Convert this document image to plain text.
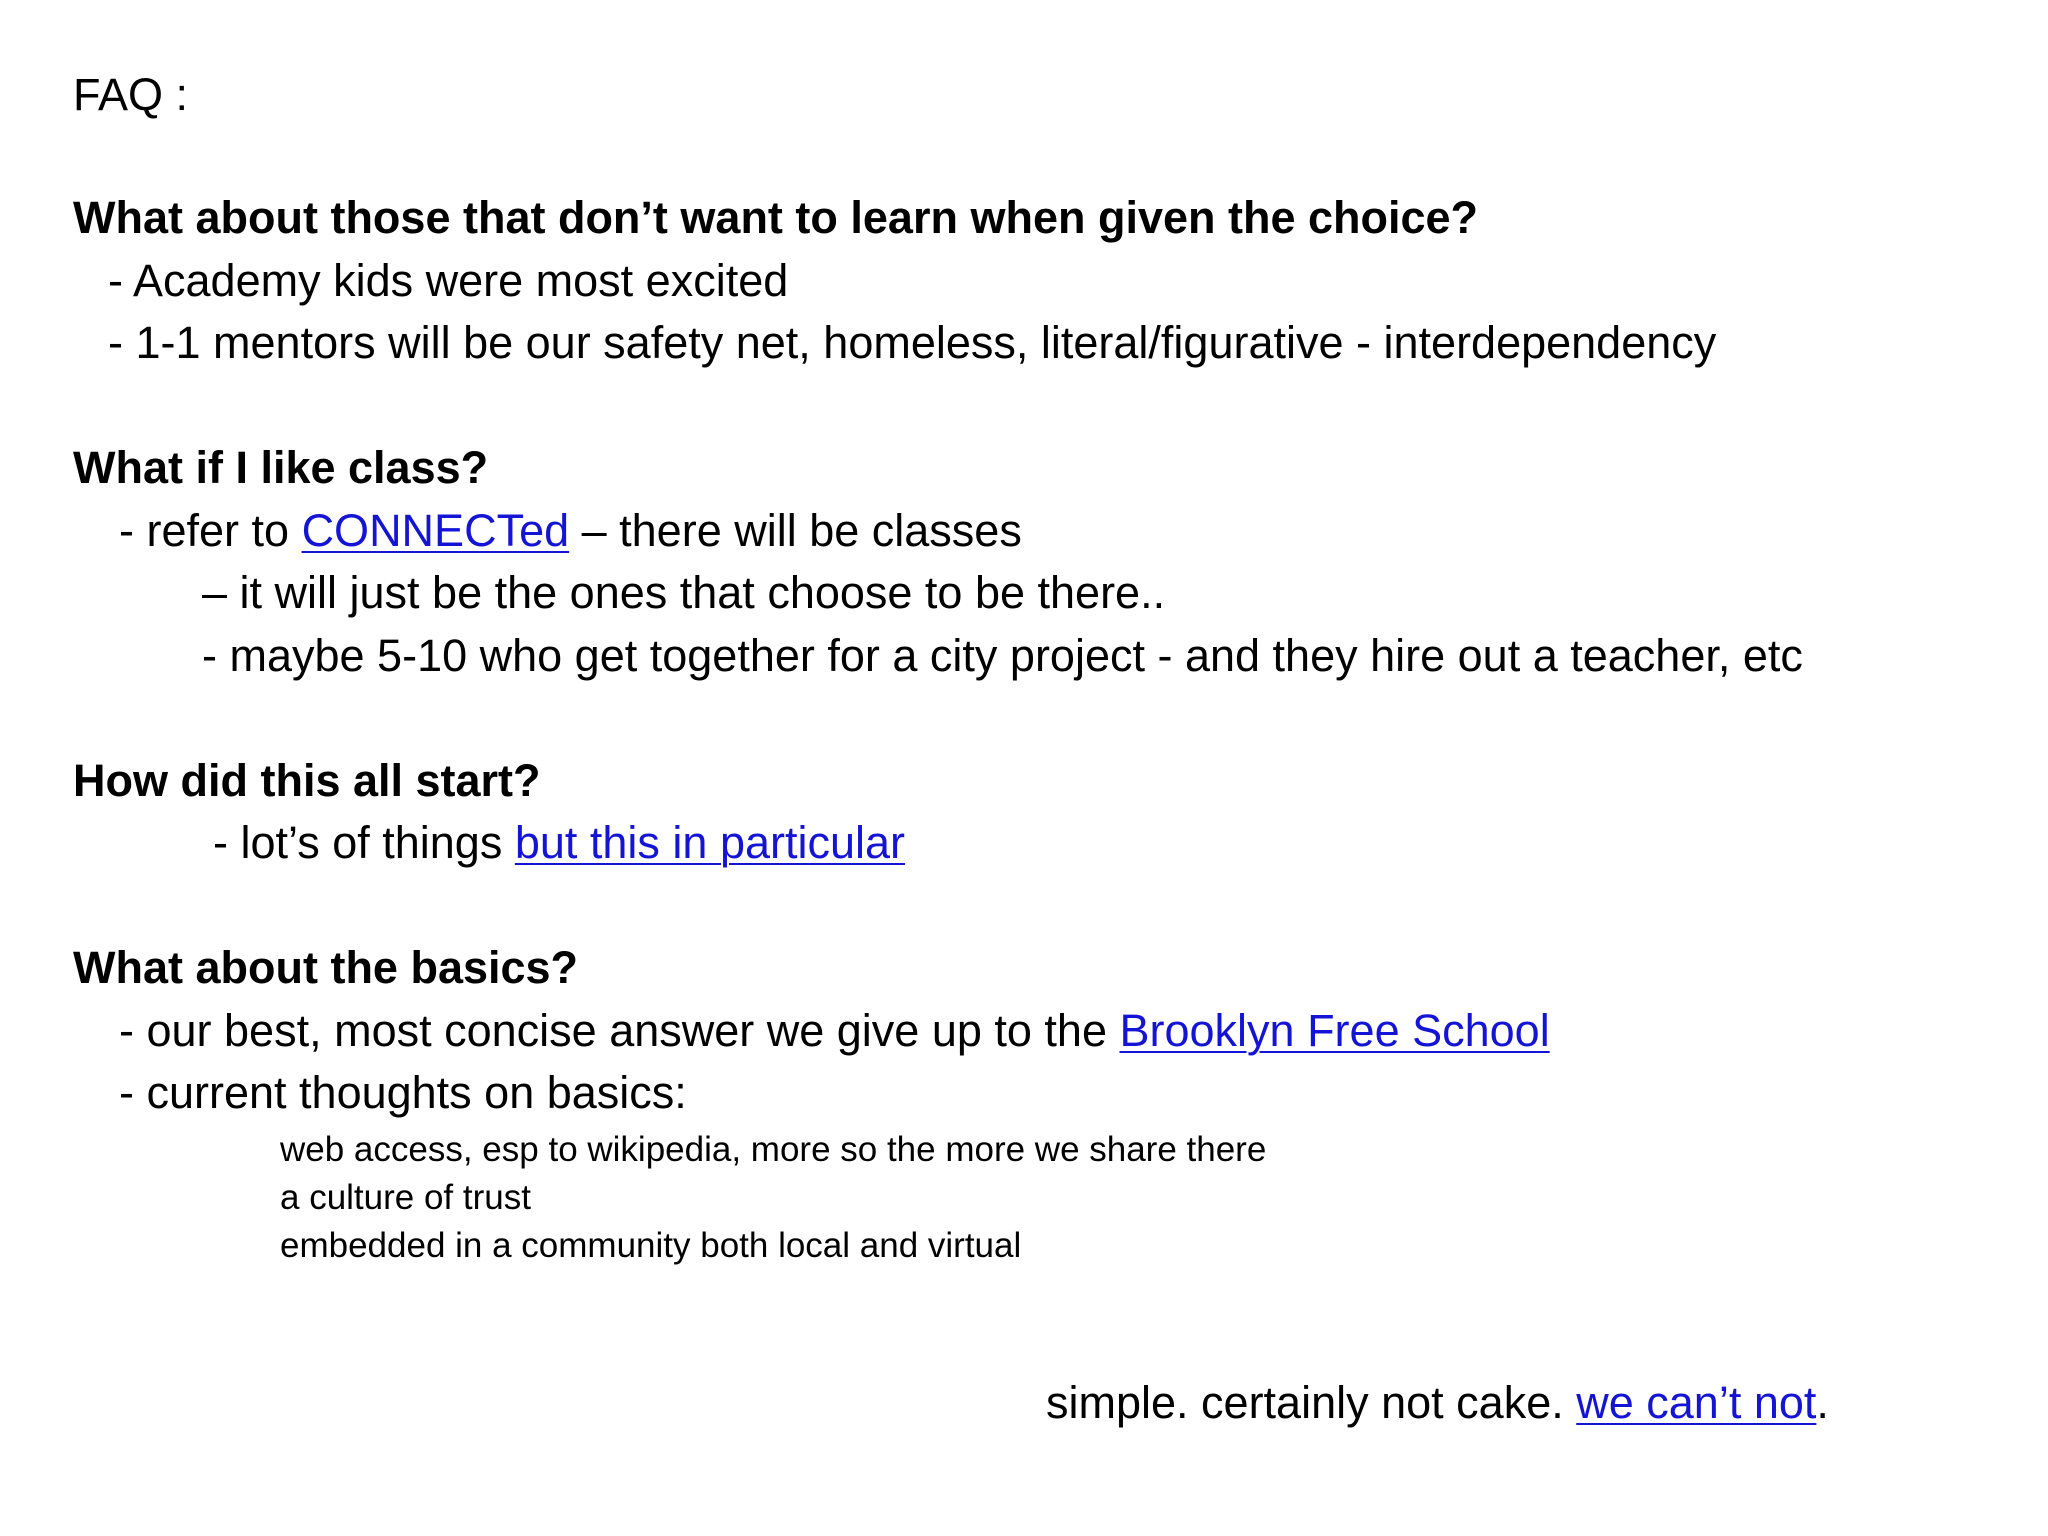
FAQ :
What about those that don’t want to learn when given the choice?
- Academy kids were most excited
- 1-1 mentors will be our safety net, homeless, literal/figurative - interdependency
What if I like class?
- refer to CONNECTed – there will be classes
– it will just be the ones that choose to be there..
- maybe 5-10 who get together for a city project - and they hire out a teacher, etc
How did this all start?
- lot’s of things but this in particular
What about the basics?
- our best, most concise answer we give up to the Brooklyn Free School
- current thoughts on basics:
web access, esp to wikipedia, more so the more we share there
a culture of trust
embedded in a community both local and virtual
simple. certainly not cake. we can’t not.
